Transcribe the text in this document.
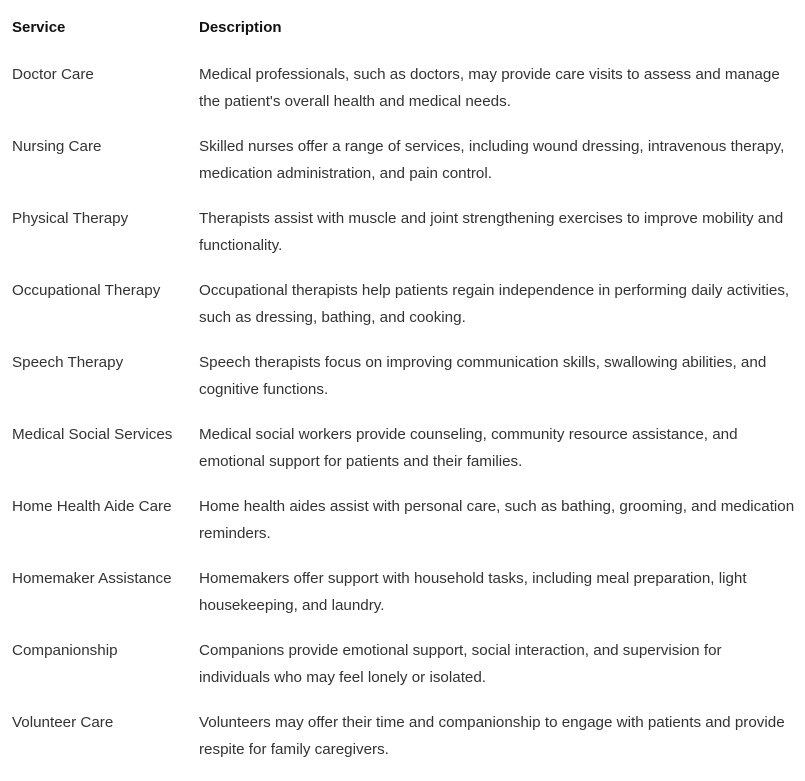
Service	Description
Doctor Care	Medical professionals, such as doctors, may provide care visits to assess and manage the patient's overall health and medical needs.
Nursing Care	Skilled nurses offer a range of services, including wound dressing, intravenous therapy, medication administration, and pain control.
Physical Therapy	Therapists assist with muscle and joint strengthening exercises to improve mobility and functionality.
Occupational Therapy	Occupational therapists help patients regain independence in performing daily activities, such as dressing, bathing, and cooking.
Speech Therapy	Speech therapists focus on improving communication skills, swallowing abilities, and cognitive functions.
Medical Social Services	Medical social workers provide counseling, community resource assistance, and emotional support for patients and their families.
Home Health Aide Care	Home health aides assist with personal care, such as bathing, grooming, and medication reminders.
Homemaker Assistance	Homemakers offer support with household tasks, including meal preparation, light housekeeping, and laundry.
Companionship	Companions provide emotional support, social interaction, and supervision for individuals who may feel lonely or isolated.
Volunteer Care	Volunteers may offer their time and companionship to engage with patients and provide respite for family caregivers.
